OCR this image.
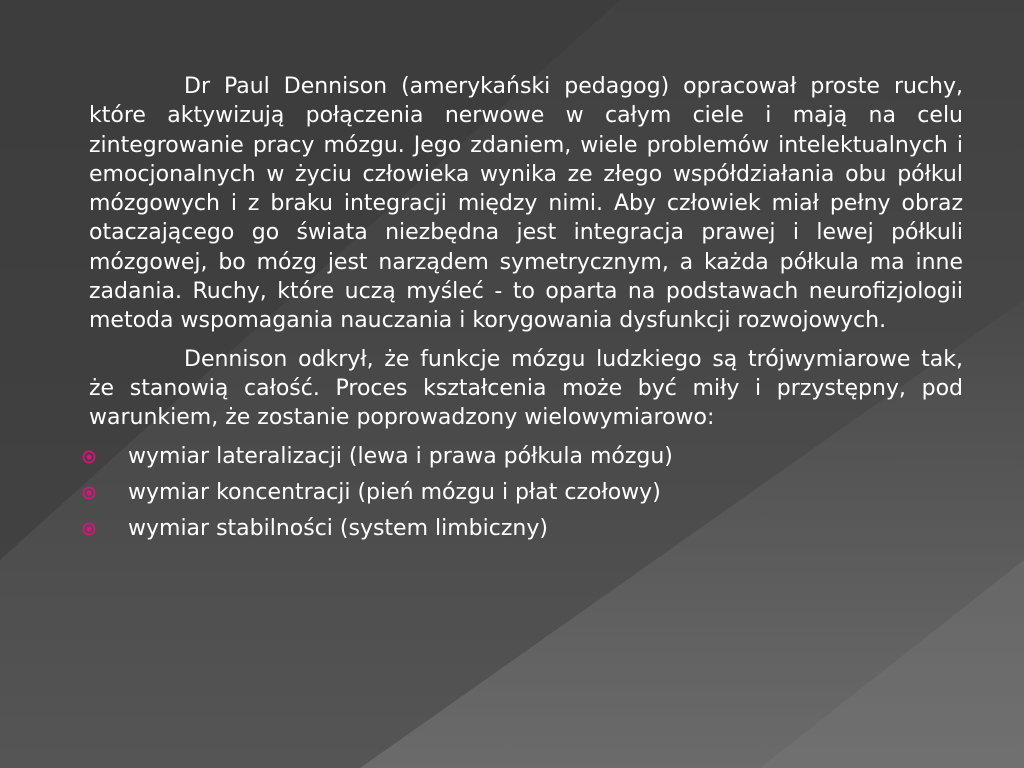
Dr Paul Dennison (amerykański pedagog) opracował proste ruchy, które aktywizują połączenia nerwowe w całym ciele i mają na celu zintegrowanie pracy mózgu. Jego zdaniem, wiele problemów intelektualnych i emocjonalnych w życiu człowieka wynika ze złego współdziałania obu półkul mózgowych i z braku integracji między nimi. Aby człowiek miał pełny obraz otaczającego go świata niezbędna jest integracja prawej i lewej półkuli mózgowej, bo mózg jest narządem symetrycznym, a każda półkula ma inne zadania. Ruchy, które uczą myśleć - to oparta na podstawach neurofizjologii metoda wspomagania nauczania i korygowania dysfunkcji rozwojowych.

Dennison odkrył, że funkcje mózgu ludzkiego są trójwymiarowe tak, że stanowią całość. Proces kształcenia może być miły i przystępny, pod warunkiem, że zostanie poprowadzony wielowymiarowo:

wymiar lateralizacji (lewa i prawa półkula mózgu)
wymiar koncentracji (pień mózgu i płat czołowy)
wymiar stabilności (system limbiczny)
